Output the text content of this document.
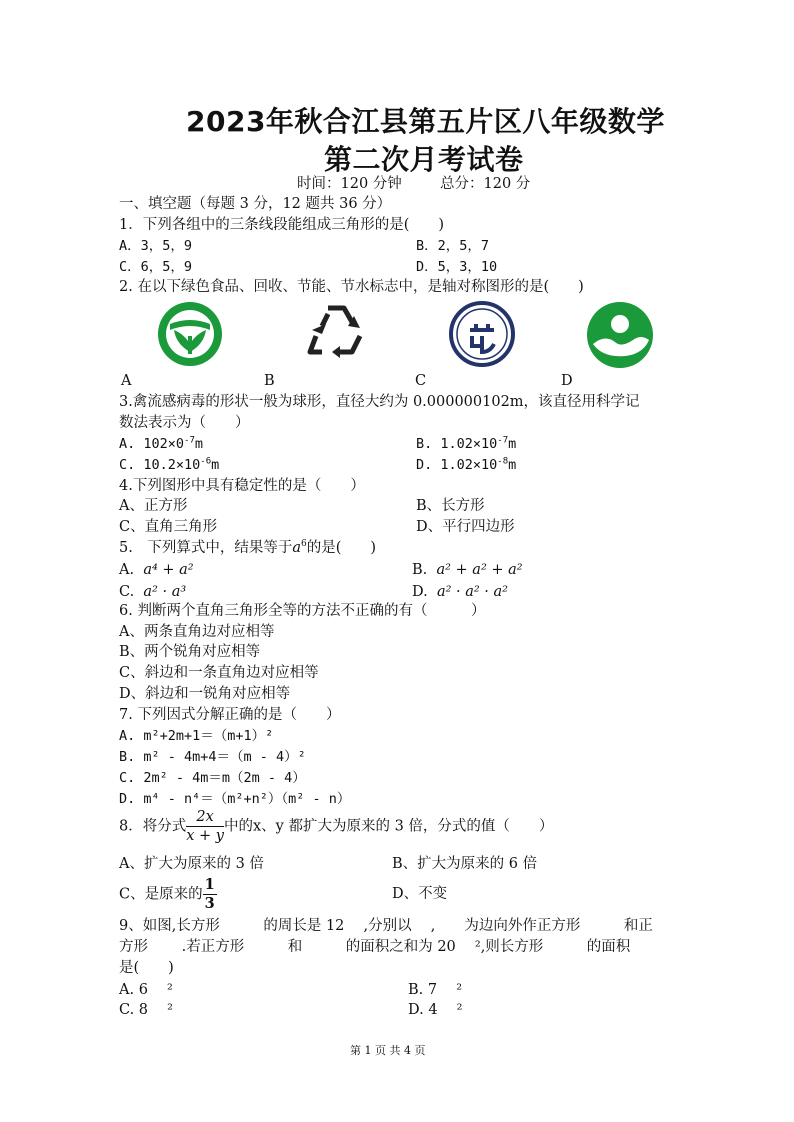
2023年秋合江县第五片区八年级数学
第二次月考试卷
时间：120 分钟	总分：120 分
一、填空题（每题 3 分，12 题共 36 分）
1．下列各组中的三条线段能组成三角形的是(　　)
A．3，5，9	B．2，5，7
C．6，5，9	D．5，3，10
2. 在以下绿色食品、回收、节能、节水标志中，是轴对称图形的是(　　)
A	B	C	D
3.禽流感病毒的形状一般为球形，直径大约为 0.000000102m，该直径用科学记
数法表示为（　　）
A. $102\times 0^{-7}m$	B. $1.02\times 10^{-7}m$
C. $10.2\times 10^{-6}m$	D. $1.02\times 10^{-8}m$
4.下列图形中具有稳定性的是（　　）
A、正方形	B、长方形
C、直角三角形	D、平行四边形
5.　下列算式中，结果等于$a^6$的是(　　)
A. a⁴ + a²	B. a² + a² + a²
C. a² · a³	D. a² · a² · a²
6. 判断两个直角三角形全等的方法不正确的有（　　　）
A、两条直角边对应相等
B、两个锐角对应相等
C、斜边和一条直角边对应相等
D、斜边和一锐角对应相等
7. 下列因式分解正确的是（　　）
A. m²+2m+1＝（m+1）²
B. m² - 4m+4＝（m - 4）²
C. 2m² - 4m＝m（2m - 4）
D. m⁴ - n⁴＝（m²+n²）（m² - n）
8．将分式 $\frac{2x}{x + y}$ 中的x、y 都扩大为原来的 3 倍，分式的值（　　）
A、扩大为原来的 3 倍	B、扩大为原来的 6 倍
C、是原来的 $\frac{1}{3}$	D、不变
9、如图,长方形　　　的周长是 12　 ,分别以　 ,　　为边向外作正方形　　　和正
方形　　 .若正方形　　　和　　　的面积之和为 20　 ²,则长方形　　　的面积
是(　　)
A. 6　 ²	B. 7　 ²
C. 8　 ²	D. 4　 ²
第 1 页 共 4 页
